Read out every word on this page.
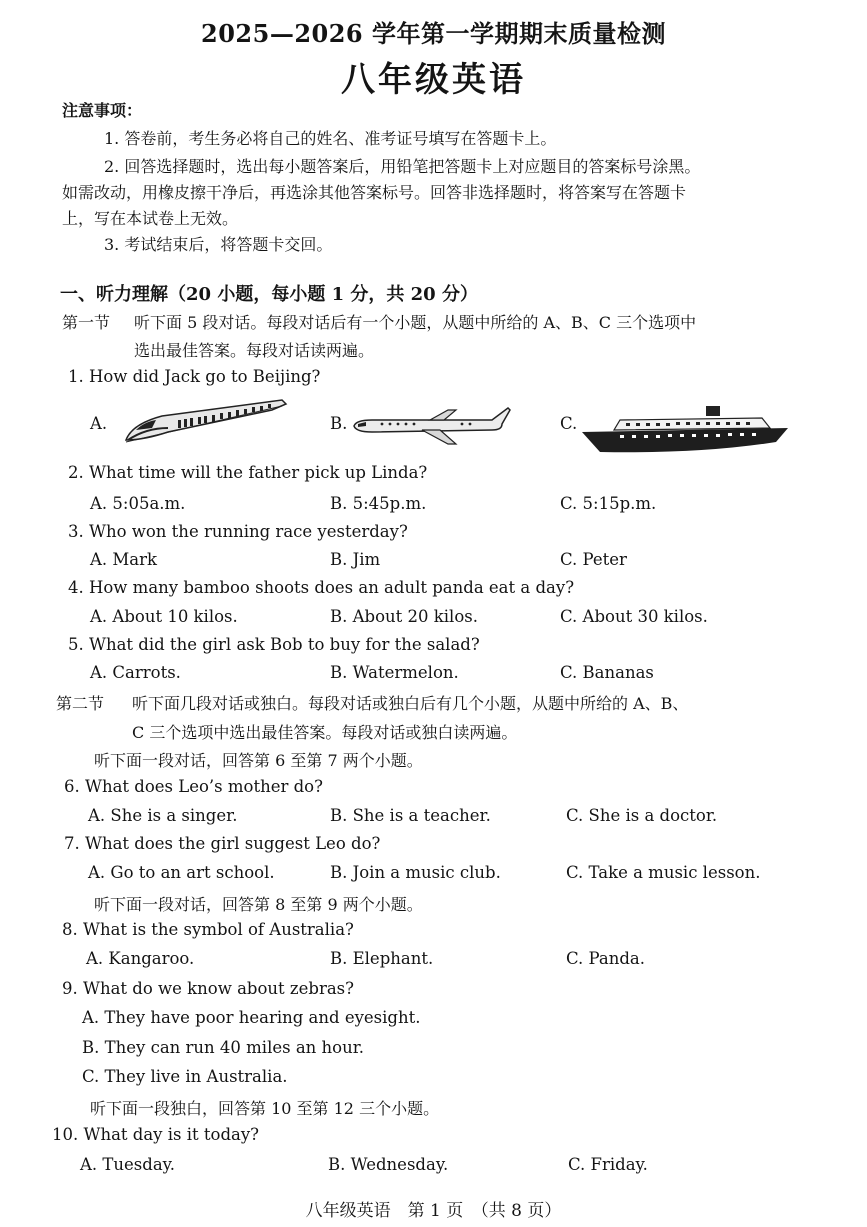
2025—2026 学年第一学期期末质量检测
八年级英语
注意事项：
1. 答卷前，考生务必将自己的姓名、准考证号填写在答题卡上。
2. 回答选择题时，选出每小题答案后，用铅笔把答题卡上对应题目的答案标号涂黑。
如需改动，用橡皮擦干净后，再选涂其他答案标号。回答非选择题时，将答案写在答题卡
上，写在本试卷上无效。
3. 考试结束后，将答题卡交回。
一、听力理解（20 小题，每小题 1 分，共 20 分）
第一节 听下面 5 段对话。每段对话后有一个小题，从题中所给的 A、B、C 三个选项中
选出最佳答案。每段对话读两遍。
1. How did Jack go to Beijing?
A.	B.	C.
2. What time will the father pick up Linda?
A. 5:05a.m.	B. 5:45p.m.	C. 5:15p.m.
3. Who won the running race yesterday?
A. Mark	B. Jim	C. Peter
4. How many bamboo shoots does an adult panda eat a day?
A. About 10 kilos.	B. About 20 kilos.	C. About 30 kilos.
5. What did the girl ask Bob to buy for the salad?
A. Carrots.	B. Watermelon.	C. Bananas
第二节 听下面几段对话或独白。每段对话或独白后有几个小题，从题中所给的 A、B、
C 三个选项中选出最佳答案。每段对话或独白读两遍。
听下面一段对话，回答第 6 至第 7 两个小题。
6. What does Leo’s mother do?
A. She is a singer.	B. She is a teacher.	C. She is a doctor.
7. What does the girl suggest Leo do?
A. Go to an art school.	B. Join a music club.	C. Take a music lesson.
听下面一段对话，回答第 8 至第 9 两个小题。
8. What is the symbol of Australia?
A. Kangaroo.	B. Elephant.	C. Panda.
9. What do we know about zebras?
A. They have poor hearing and eyesight.
B. They can run 40 miles an hour.
C. They live in Australia.
听下面一段独白，回答第 10 至第 12 三个小题。
10. What day is it today?
A. Tuesday.	B. Wednesday.	C. Friday.
八年级英语　第 1 页　（共 8 页）
